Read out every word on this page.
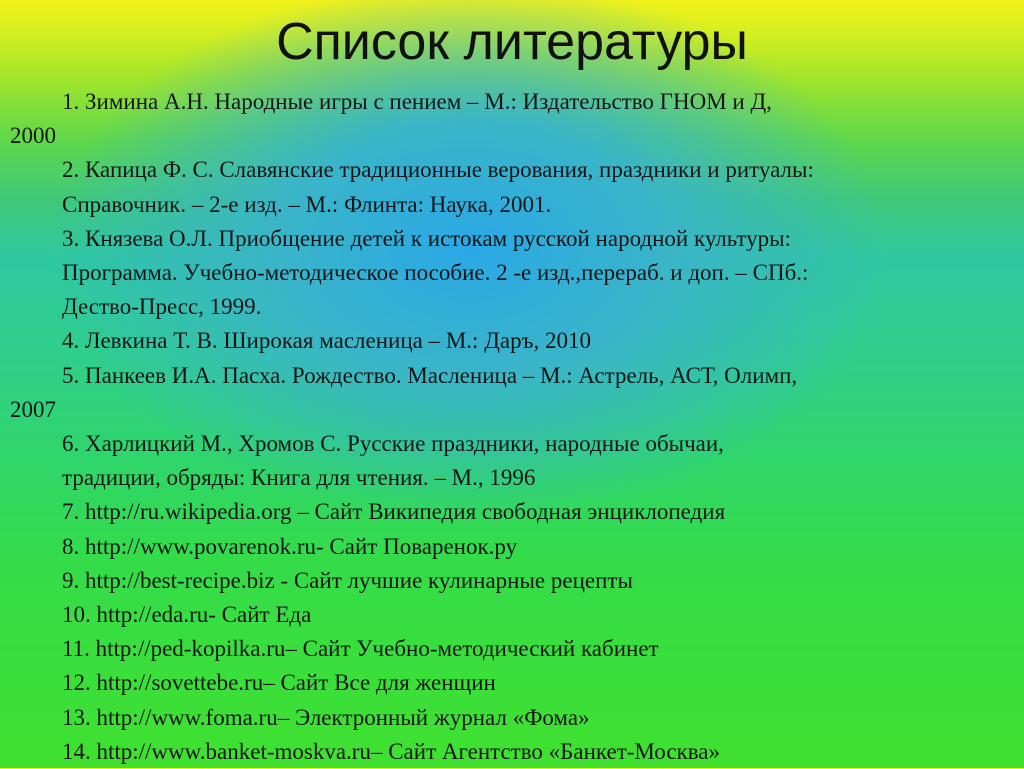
Список литературы

1. Зимина А.Н. Народные игры с пением – М.: Издательство ГНОМ и Д,
2000

2. Капица Ф. С. Славянские традиционные верования, праздники и ритуалы:
Справочник. – 2-е изд. – М.: Флинта: Наука, 2001.

3. Князева О.Л. Приобщение детей к истокам русской народной культуры:
Программа. Учебно-методическое пособие. 2 -е изд.,перераб. и доп. – СПб.:
Дество-Пресс, 1999.

4. Левкина Т. В. Широкая масленица – М.: Даръ, 2010

5. Панкеев И.А. Пасха. Рождество. Масленица – М.: Астрель, АСТ, Олимп,
2007

6. Харлицкий М., Хромов С. Русские праздники, народные обычаи,
традиции, обряды: Книга для чтения. – М., 1996

7. http://ru.wikipedia.org – Сайт Википедия свободная энциклопедия

8. http://www.povarenok.ru- Сайт Поваренок.ру

9. http://best-recipe.biz - Сайт лучшие кулинарные рецепты

10. http://eda.ru- Сайт Еда

11. http://ped-kopilka.ru– Сайт Учебно-методический кабинет

12. http://sovettebe.ru– Сайт Все для женщин

13. http://www.foma.ru– Электронный журнал «Фома»

14. http://www.banket-moskva.ru– Сайт Агентство «Банкет-Москва»
